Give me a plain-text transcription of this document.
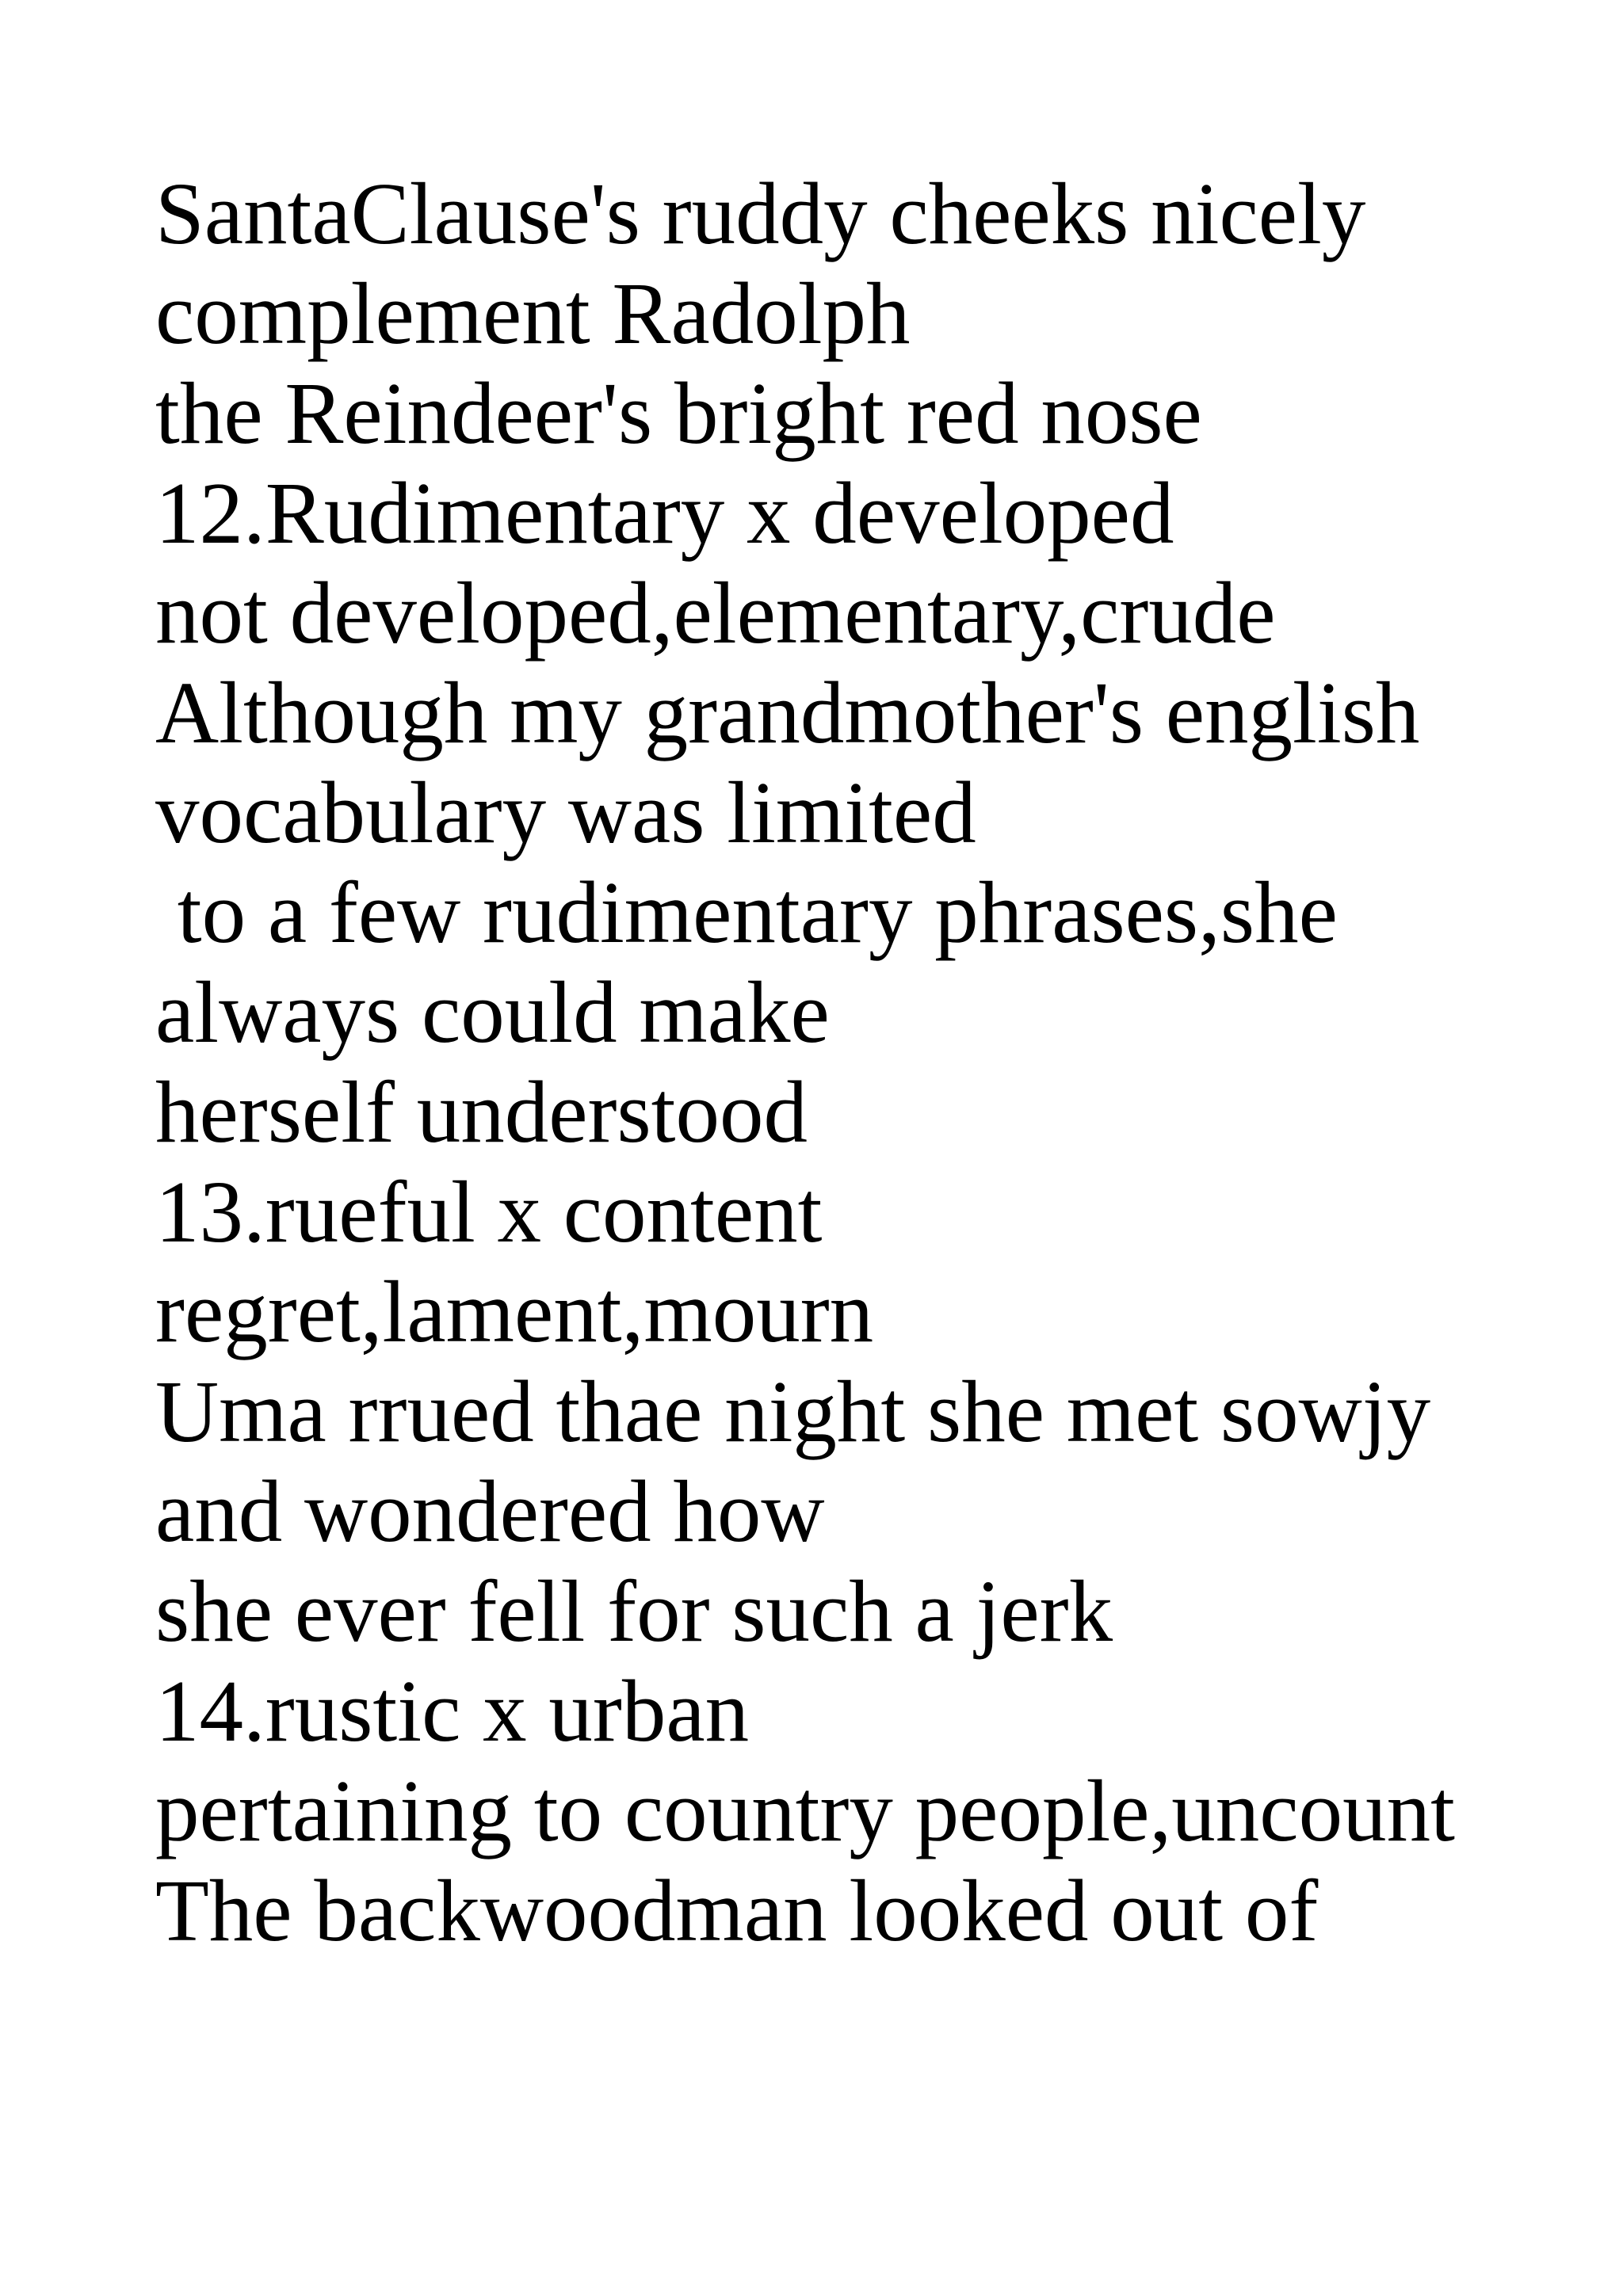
SantaClause's ruddy cheeks nicely
complement Radolph
the Reindeer's bright red nose
12.Rudimentary x developed
not developed,elementary,crude
Although my grandmother's english
vocabulary was limited
to a few rudimentary phrases,she
always could make
herself understood
13.rueful x content
regret,lament,mourn
Uma rrued thae night she met sowjy
and wondered how
she ever fell for such a jerk
14.rustic x urban
pertaining to country people,uncount
The backwoodman looked out of
